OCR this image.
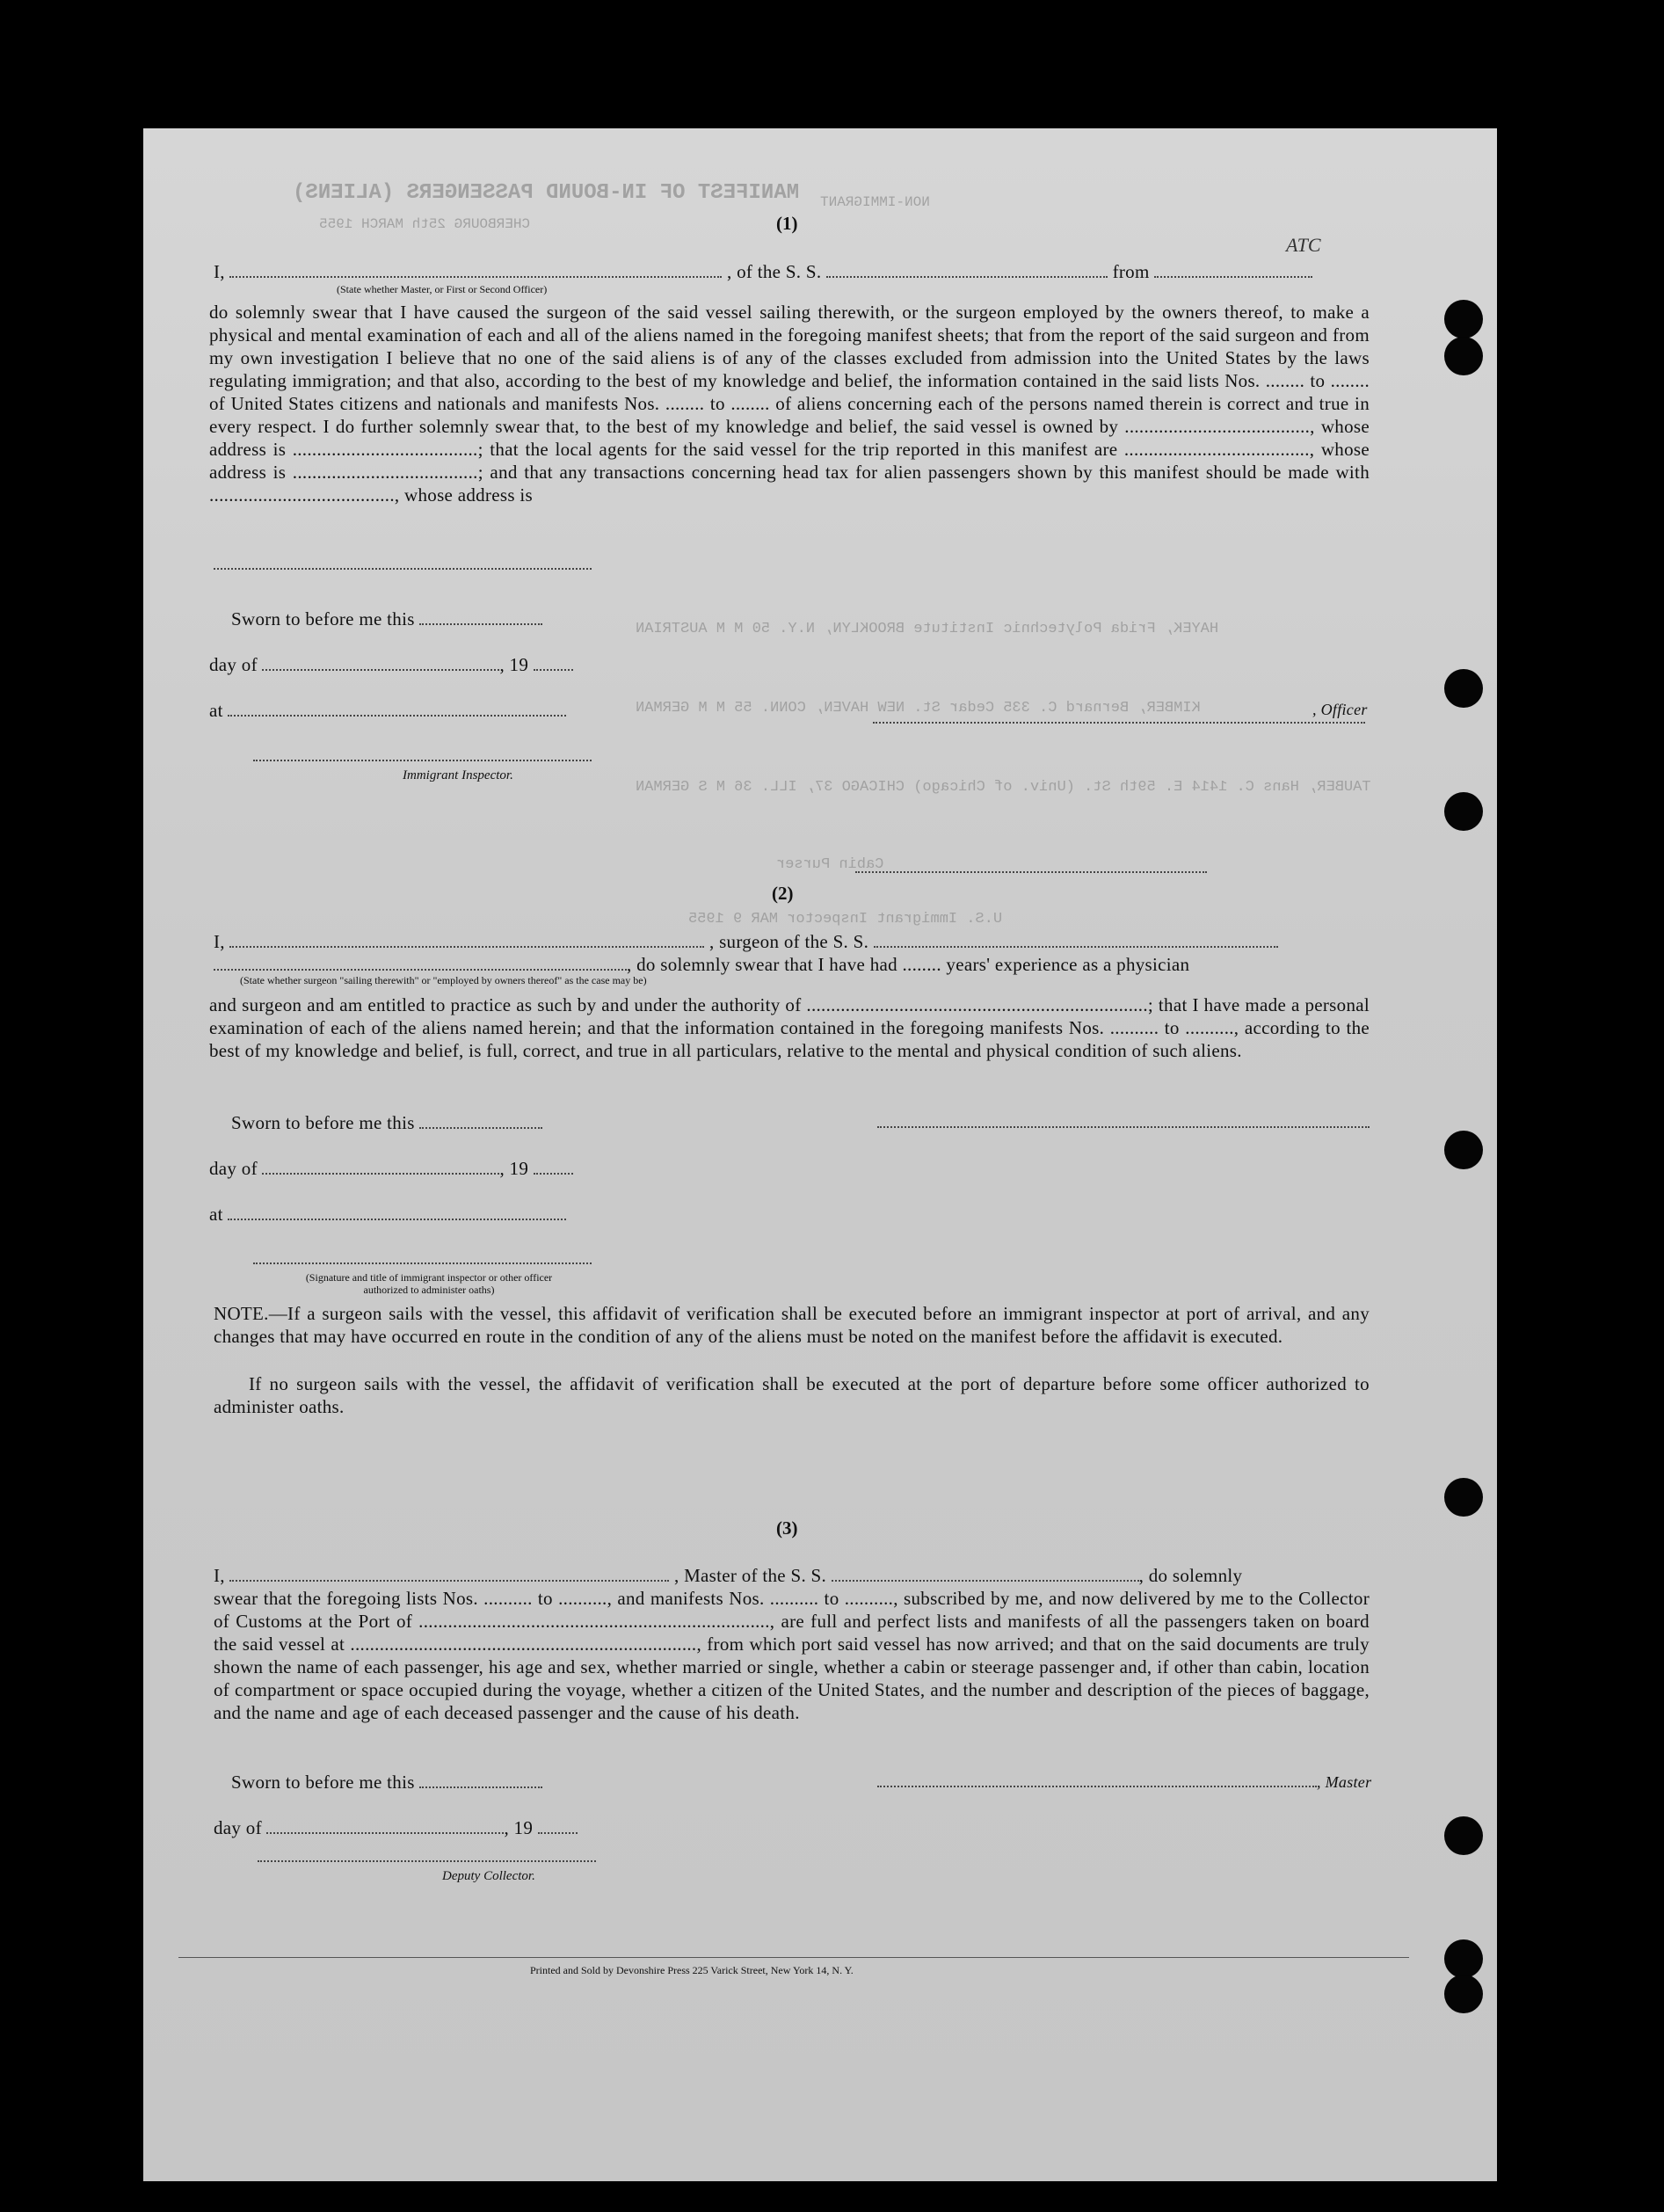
MANIFEST OF IN-BOUND PASSENGERS (ALIENS) NON-IMMIGRANT
CHERBOURG 25th MARCH 1955
HAYEK, Frida Polytechnic Institute BROOKLYN, N.Y. 50 M M AUSTRIAN
KIMBER, Bernard C. 335 Cedar St. NEW HAVEN, CONN. 55 M M GERMAN
TAUBER, Hans C. 1414 E. 59th St. (Univ. of Chicago) CHICAGO 37, ILL. 36 M S GERMAN
Cabin Purser
U.S. Immigrant Inspector MAR 9 1955
ATC
(1)
I,	, of the S. S.	from
(State whether Master, or First or Second Officer)
do solemnly swear that I have caused the surgeon of the said vessel sailing therewith, or the surgeon employed by the owners thereof, to make a physical and mental examination of each and all of the aliens named in the foregoing manifest sheets; that from the report of the said surgeon and from my own investigation I believe that no one of the said aliens is of any of the classes excluded from admission into the United States by the laws regulating immigration; and that also, according to the best of my knowledge and belief, the information contained in the said lists Nos. ........ to ........ of United States citizens and nationals and manifests Nos. ........ to ........ of aliens concerning each of the persons named therein is correct and true in every respect. I do further solemnly swear that, to the best of my knowledge and belief, the said vessel is owned by ......................................, whose address is ......................................; that the local agents for the said vessel for the trip reported in this manifest are ......................................, whose address is ......................................; and that any transactions concerning head tax for alien passengers shown by this manifest should be made with ......................................, whose address is
Sworn to before me this
day of	, 19
at	, Officer
Immigrant Inspector.
(2)
I,	, surgeon of the S. S.
, do solemnly swear that I have had ........ years' experience as a physician
(State whether surgeon "sailing therewith" or "employed by owners thereof" as the case may be)
and surgeon and am entitled to practice as such by and under the authority of ......................................................................; that I have made a personal examination of each of the aliens named herein; and that the information contained in the foregoing manifests Nos. .......... to .........., according to the best of my knowledge and belief, is full, correct, and true in all particulars, relative to the mental and physical condition of such aliens.
Sworn to before me this
day of	, 19
at
(Signature and title of immigrant inspector or other officer authorized to administer oaths)
NOTE.—If a surgeon sails with the vessel, this affidavit of verification shall be executed before an immigrant inspector at port of arrival, and any changes that may have occurred en route in the condition of any of the aliens must be noted on the manifest before the affidavit is executed.
If no surgeon sails with the vessel, the affidavit of verification shall be executed at the port of departure before some officer authorized to administer oaths.
(3)
I,	, Master of the S. S.	, do solemnly
swear that the foregoing lists Nos. .......... to .........., and manifests Nos. .......... to .........., subscribed by me, and now delivered by me to the Collector of Customs at the Port of ........................................................................, are full and perfect lists and manifests of all the passengers taken on board the said vessel at ......................................................................., from which port said vessel has now arrived; and that on the said documents are truly shown the name of each passenger, his age and sex, whether married or single, whether a cabin or steerage passenger and, if other than cabin, location of compartment or space occupied during the voyage, whether a citizen of the United States, and the number and description of the pieces of baggage, and the name and age of each deceased passenger and the cause of his death.
Sworn to before me this	, Master
day of	, 19
Deputy Collector.
Printed and Sold by Devonshire Press 225 Varick Street, New York 14, N. Y.
